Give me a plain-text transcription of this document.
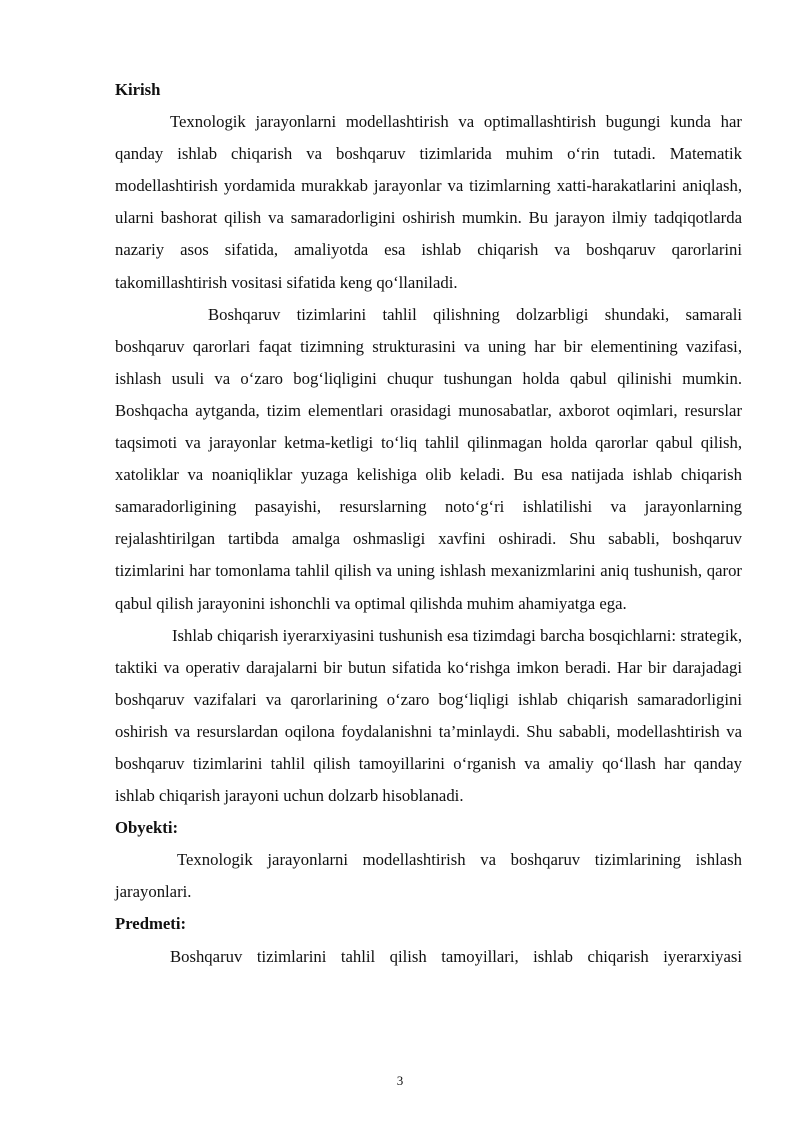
Kirish

Texnologik jarayonlarni modellashtirish va optimallashtirish bugungi kunda har qanday ishlab chiqarish va boshqaruv tizimlarida muhim o‘rin tutadi. Matematik modellashtirish yordamida murakkab jarayonlar va tizimlarning xatti-harakatlarini aniqlash, ularni bashorat qilish va samaradorligini oshirish mumkin. Bu jarayon ilmiy tadqiqotlarda nazariy asos sifatida, amaliyotda esa ishlab chiqarish va boshqaruv qarorlarini takomillashtirish vositasi sifatida keng qo‘llaniladi.

Boshqaruv tizimlarini tahlil qilishning dolzarbligi shundaki, samarali boshqaruv qarorlari faqat tizimning strukturasini va uning har bir elementining vazifasi, ishlash usuli va o‘zaro bog‘liqligini chuqur tushungan holda qabul qilinishi mumkin. Boshqacha aytganda, tizim elementlari orasidagi munosabatlar, axborot oqimlari, resurslar taqsimoti va jarayonlar ketma-ketligi to‘liq tahlil qilinmagan holda qarorlar qabul qilish, xatoliklar va noaniqliklar yuzaga kelishiga olib keladi. Bu esa natijada ishlab chiqarish samaradorligining pasayishi, resurslarning noto‘g‘ri ishlatilishi va jarayonlarning rejalashtirilgan tartibda amalga oshmasligi xavfini oshiradi. Shu sababli, boshqaruv tizimlarini har tomonlama tahlil qilish va uning ishlash mexanizmlarini aniq tushunish, qaror qabul qilish jarayonini ishonchli va optimal qilishda muhim ahamiyatga ega.

Ishlab chiqarish iyerarxiyasini tushunish esa tizimdagi barcha bosqichlarni: strategik, taktiki va operativ darajalarni bir butun sifatida ko‘rishga imkon beradi. Har bir darajadagi boshqaruv vazifalari va qarorlarining o‘zaro bog‘liqligi ishlab chiqarish samaradorligini oshirish va resurslardan oqilona foydalanishni ta’minlaydi. Shu sababli, modellashtirish va boshqaruv tizimlarini tahlil qilish tamoyillarini o‘rganish va amaliy qo‘llash har qanday ishlab chiqarish jarayoni uchun dolzarb hisoblanadi.

Obyekti:

Texnologik jarayonlarni modellashtirish va boshqaruv tizimlarining ishlash jarayonlari.

Predmeti:

Boshqaruv tizimlarini tahlil qilish tamoyillari, ishlab chiqarish iyerarxiyasi

3
